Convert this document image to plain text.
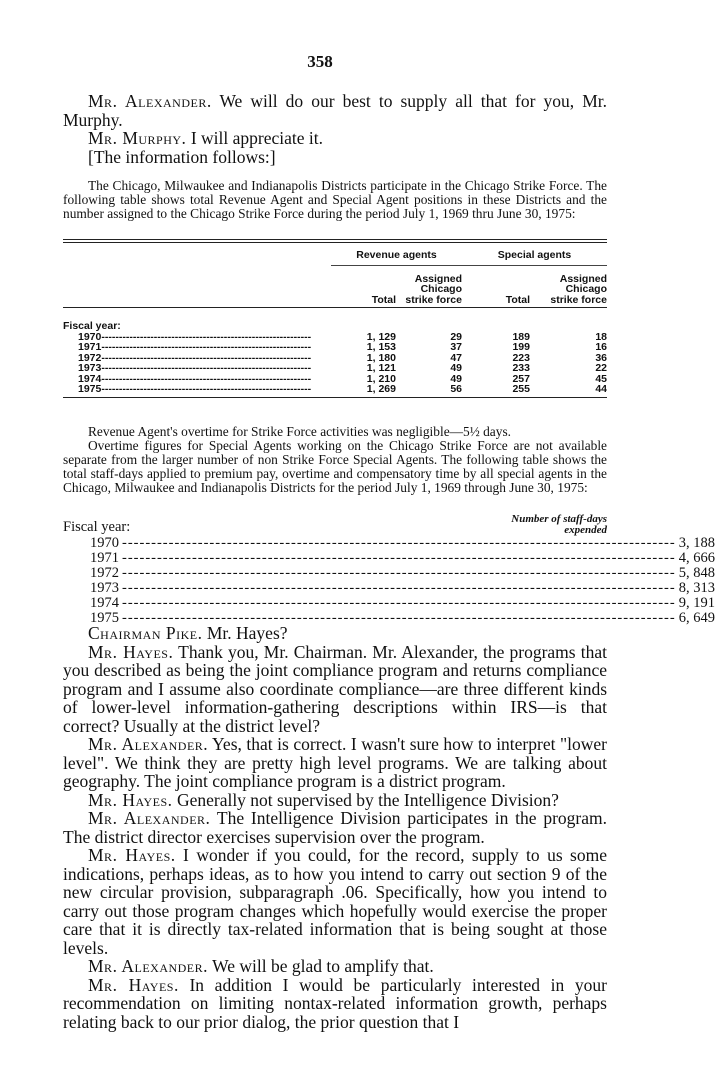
358

Mr. Alexander. We will do our best to supply all that for you, Mr. Murphy.

Mr. Murphy. I will appreciate it.

[The information follows:]

The Chicago, Milwaukee and Indianapolis Districts participate in the Chicago Strike Force. The following table shows total Revenue Agent and Special Agent positions in these Districts and the number assigned to the Chicago Strike Force during the period July 1, 1969 thru June 30, 1975:

	Revenue agents		Special agents	
	Total	Assigned Chicago strike force	Total	Assigned Chicago strike force

Fiscal year:				
1970------------------------------------------------------------	1, 129	29	189	18
1971------------------------------------------------------------	1, 153	37	199	16
1972------------------------------------------------------------	1, 180	47	223	36
1973------------------------------------------------------------	1, 121	49	233	22
1974------------------------------------------------------------	1, 210	49	257	45
1975------------------------------------------------------------	1, 269	56	255	44

Revenue Agent's overtime for Strike Force activities was negligible—5½ days.

Overtime figures for Special Agents working on the Chicago Strike Force are not available separate from the larger number of non Strike Force Special Agents. The following table shows the total staff-days applied to premium pay, overtime and compensatory time by all special agents in the Chicago, Milwaukee and Indianapolis Districts for the period July 1, 1969 through June 30, 1975:

Fiscal year:	Number of staff-days expended
1970 ----------------------------------------------------------------------------------------------- 3, 188
1971 ----------------------------------------------------------------------------------------------- 4, 666
1972 ----------------------------------------------------------------------------------------------- 5, 848
1973 ----------------------------------------------------------------------------------------------- 8, 313
1974 ----------------------------------------------------------------------------------------------- 9, 191
1975 ----------------------------------------------------------------------------------------------- 6, 649

Chairman Pike. Mr. Hayes?

Mr. Hayes. Thank you, Mr. Chairman. Mr. Alexander, the programs that you described as being the joint compliance program and returns compliance program and I assume also coordinate compliance—are three different kinds of lower-level information-gathering descriptions within IRS—is that correct? Usually at the district level?

Mr. Alexander. Yes, that is correct. I wasn't sure how to interpret "lower level". We think they are pretty high level programs. We are talking about geography. The joint compliance program is a district program.

Mr. Hayes. Generally not supervised by the Intelligence Division?

Mr. Alexander. The Intelligence Division participates in the program. The district director exercises supervision over the program.

Mr. Hayes. I wonder if you could, for the record, supply to us some indications, perhaps ideas, as to how you intend to carry out section 9 of the new circular provision, subparagraph .06. Specifically, how you intend to carry out those program changes which hopefully would exercise the proper care that it is directly tax-related information that is being sought at those levels.

Mr. Alexander. We will be glad to amplify that.

Mr. Hayes. In addition I would be particularly interested in your recommendation on limiting nontax-related information growth, perhaps relating back to our prior dialog, the prior question that I
